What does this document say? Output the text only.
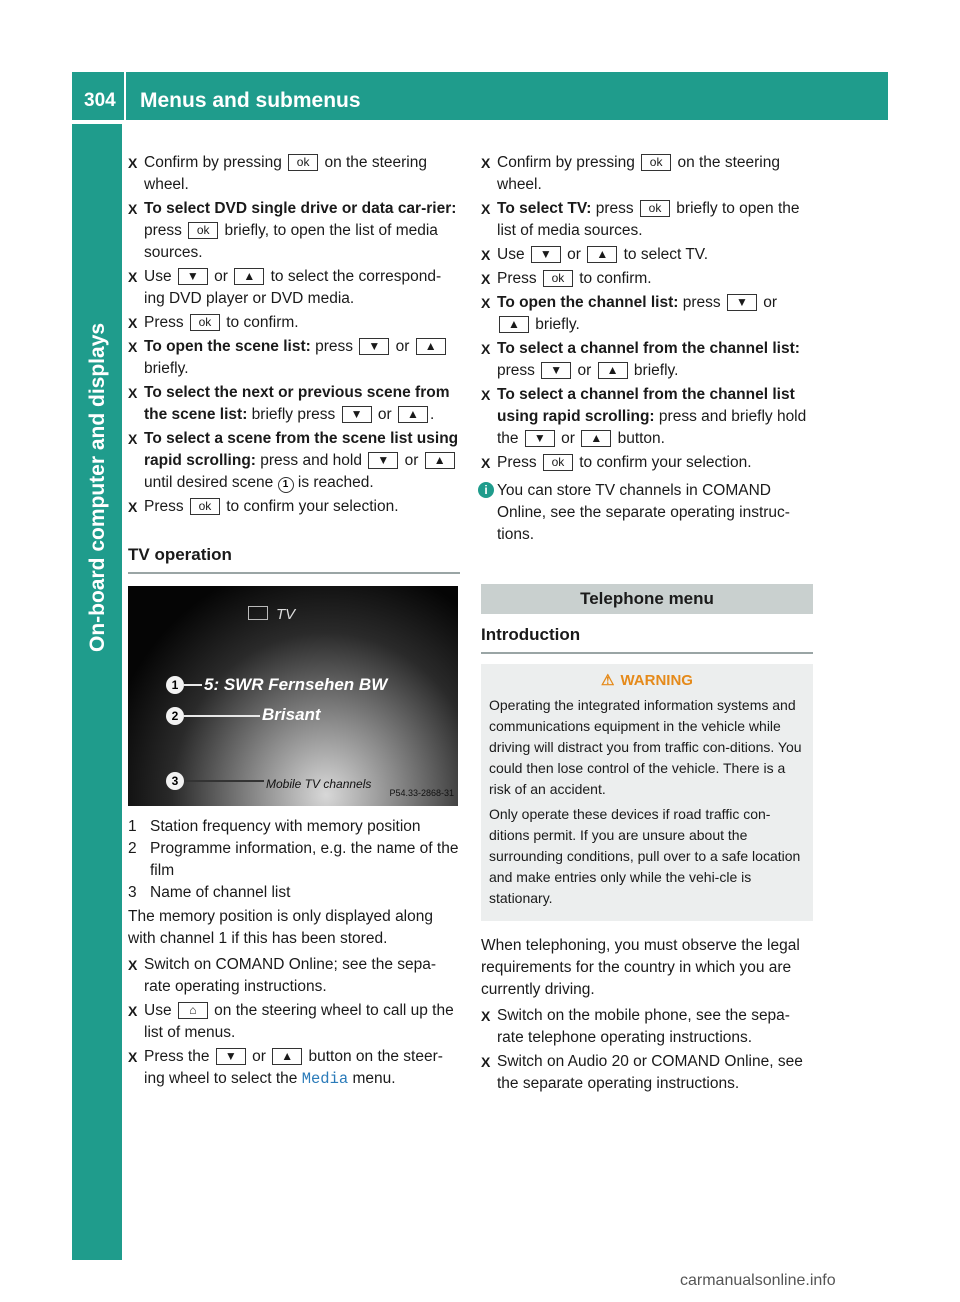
304 Menus and submenus
On-board computer and displays
X Confirm by pressing ok on the steering wheel.
X To select DVD single drive or data car-rier: press ok briefly, to open the list of media sources.
X Use ▼ or ▲ to select the correspond-ing DVD player or DVD media.
X Press ok to confirm.
X To open the scene list: press ▼ or ▲ briefly.
X To select the next or previous scene from the scene list: briefly press ▼ or ▲ .
X To select a scene from the scene list using rapid scrolling: press and hold ▼ or ▲ until desired scene 1 is reached.
X Press ok to confirm your selection.
TV operation
TV
1	5: SWR Fernsehen BW
2	Brisant
3	Mobile TV channels
P54.33-2868-31
1 Station frequency with memory position
2 Programme information, e.g. the name of the film
3 Name of channel list
The memory position is only displayed along with channel 1 if this has been stored.
X Switch on COMAND Online; see the sepa-rate operating instructions.
X Use ⌂ on the steering wheel to call up the list of menus.
X Press the ▼ or ▲ button on the steer-ing wheel to select the Media menu.
X Confirm by pressing ok on the steering wheel.
X To select TV: press ok briefly to open the list of media sources.
X Use ▼ or ▲ to select TV.
X Press ok to confirm.
X To open the channel list: press ▼ or ▲ briefly.
X To select a channel from the channel list: press ▼ or ▲ briefly.
X To select a channel from the channel list using rapid scrolling: press and briefly hold the ▼ or ▲ button.
X Press ok to confirm your selection.
i You can store TV channels in COMAND Online, see the separate operating instruc-tions.
Telephone menu
Introduction
⚠ WARNING

Operating the integrated information systems and communications equipment in the vehicle while driving will distract you from traffic con-ditions. You could then lose control of the vehicle. There is a risk of an accident.

Only operate these devices if road traffic con-ditions permit. If you are unsure about the surrounding conditions, pull over to a safe location and make entries only while the vehi-cle is stationary.

When telephoning, you must observe the legal requirements for the country in which you are currently driving.
X Switch on the mobile phone, see the sepa-rate telephone operating instructions.
X Switch on Audio 20 or COMAND Online, see the separate operating instructions.
carmanualsonline.info
